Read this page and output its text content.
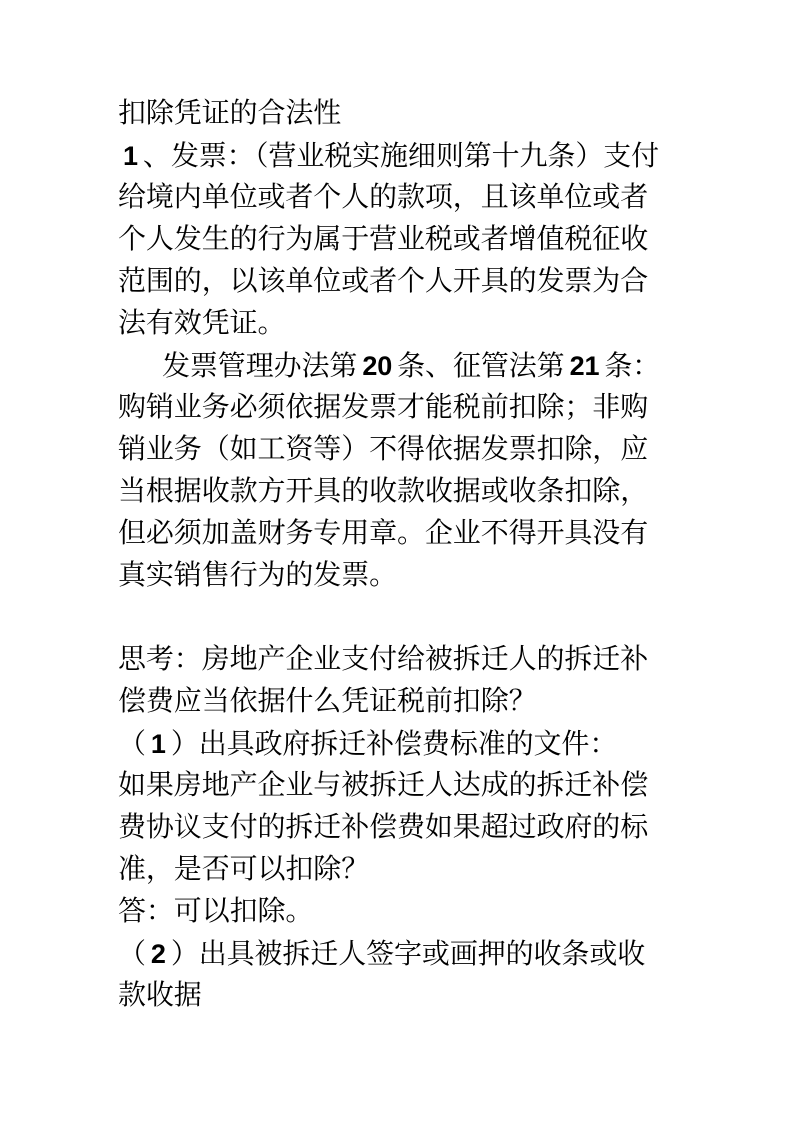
扣除凭证的合法性
1 、发票：（营业税实施细则第十九条）支付
给境内单位或者个人的款项，且该单位或者
个人发生的行为属于营业税或者增值税征收
范围的，以该单位或者个人开具的发票为合
法有效凭证。
发票管理办法第 20 条、征管法第 21 条：
购销业务必须依据发票才能税前扣除；非购
销业务（如工资等）不得依据发票扣除，应
当根据收款方开具的收款收据或收条扣除，
但必须加盖财务专用章。企业不得开具没有
真实销售行为的发票。
思考：房地产企业支付给被拆迁人的拆迁补
偿费应当依据什么凭证税前扣除？
（ 1 ）出具政府拆迁补偿费标准的文件：
如果房地产企业与被拆迁人达成的拆迁补偿
费协议支付的拆迁补偿费如果超过政府的标
准，是否可以扣除？
答：可以扣除。
（ 2 ）出具被拆迁人签字或画押的收条或收
款收据
